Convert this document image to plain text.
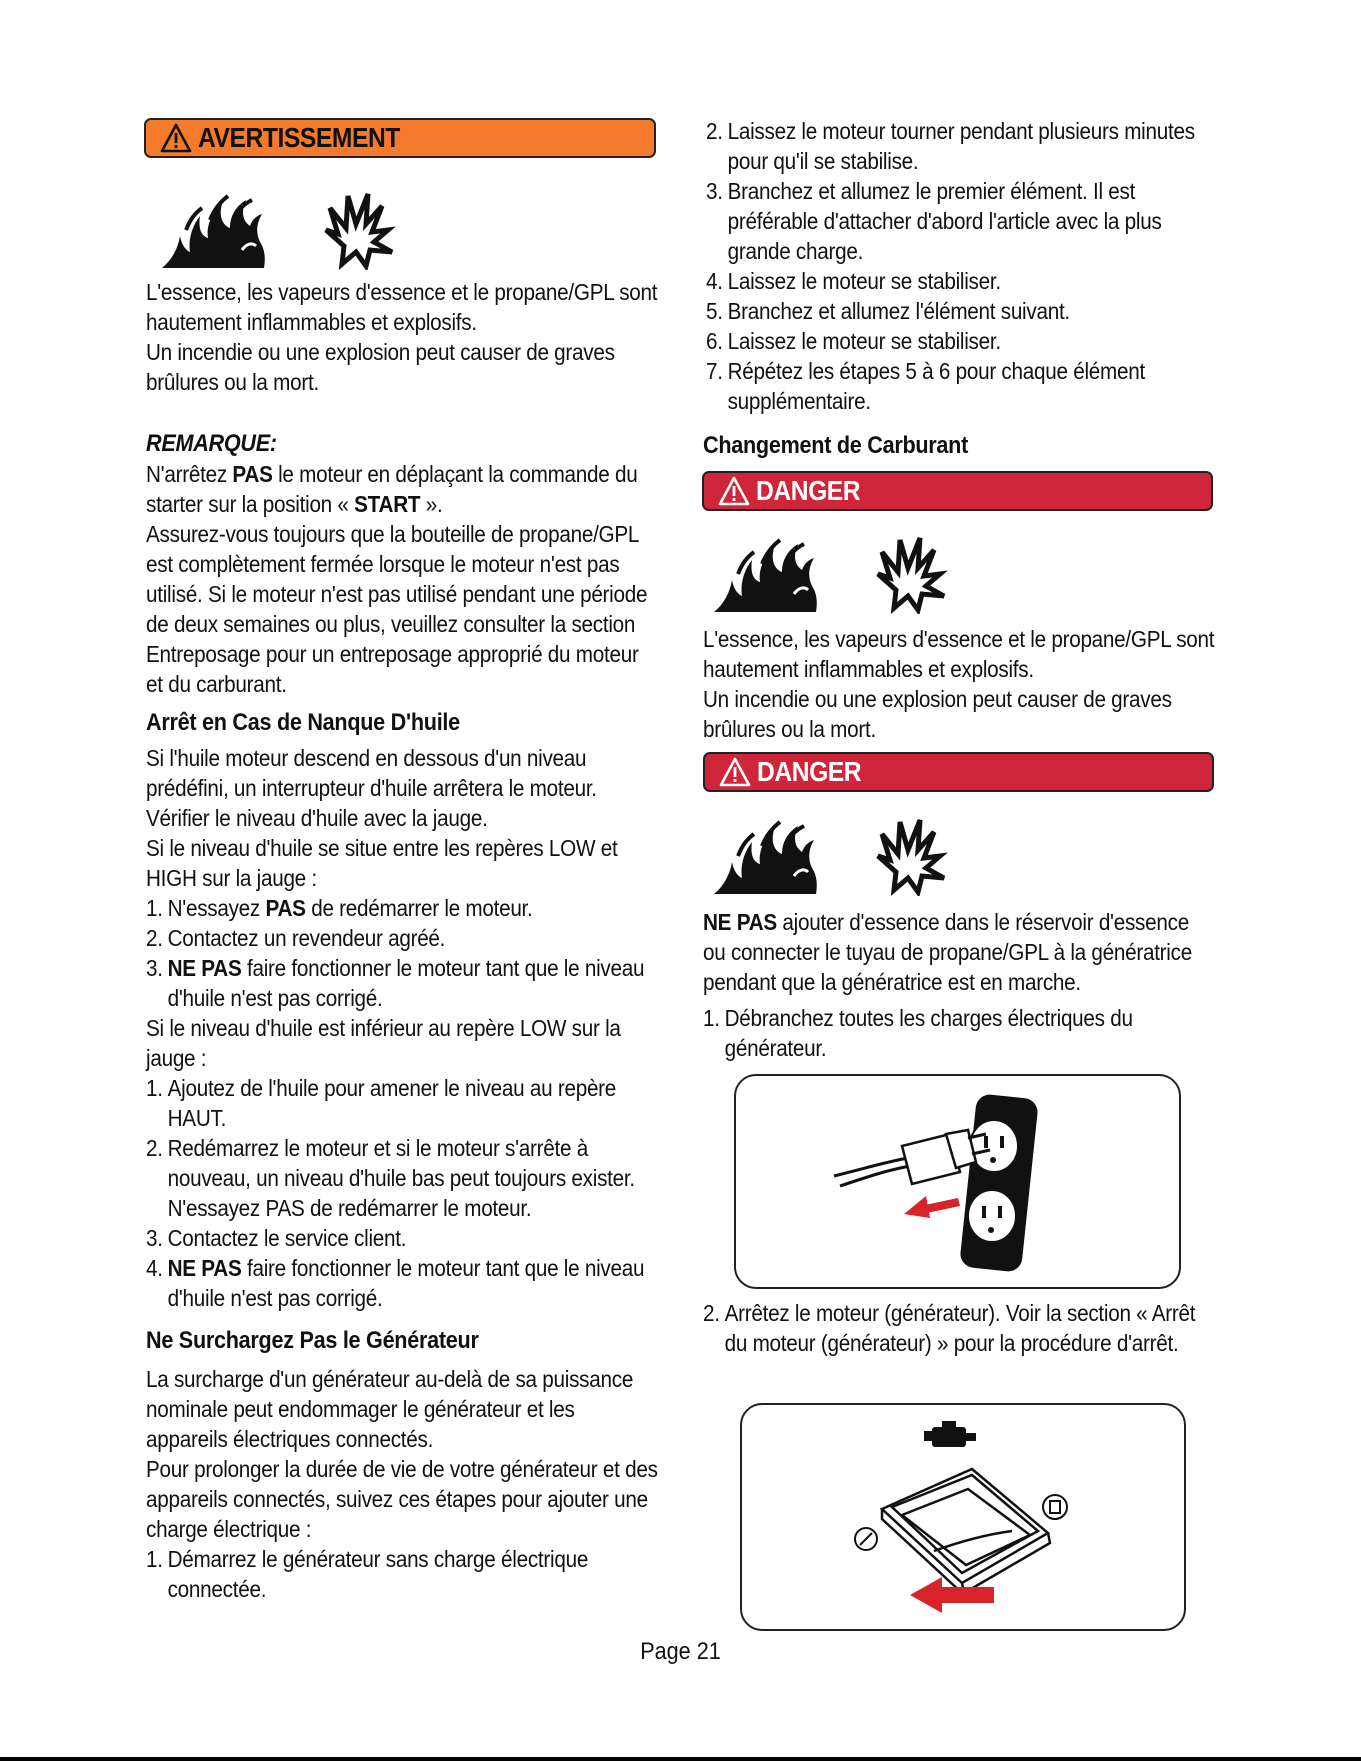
AVERTISSEMENT

L'essence, les vapeurs d'essence et le propane/GPL sont hautement inflammables et explosifs.

Un incendie ou une explosion peut causer de graves brûlures ou la mort.

REMARQUE:

N'arrêtez PAS le moteur en déplaçant la commande du starter sur la position « START ».

Assurez-vous toujours que la bouteille de propane/GPL est complètement fermée lorsque le moteur n'est pas utilisé. Si le moteur n'est pas utilisé pendant une période de deux semaines ou plus, veuillez consulter la section Entreposage pour un entreposage approprié du moteur et du carburant.

Arrêt en Cas de Nanque D'huile

Si l'huile moteur descend en dessous d'un niveau prédéfini, un interrupteur d'huile arrêtera le moteur.

Vérifier le niveau d'huile avec la jauge.

Si le niveau d'huile se situe entre les repères LOW et HIGH sur la jauge :

1. N'essayez PAS de redémarrer le moteur.
2. Contactez un revendeur agréé.
3. NE PAS faire fonctionner le moteur tant que le niveau d'huile n'est pas corrigé.

Si le niveau d'huile est inférieur au repère LOW sur la jauge :

1. Ajoutez de l'huile pour amener le niveau au repère HAUT.
2. Redémarrez le moteur et si le moteur s'arrête à nouveau, un niveau d'huile bas peut toujours exister. N'essayez PAS de redémarrer le moteur.
3. Contactez le service client.
4. NE PAS faire fonctionner le moteur tant que le niveau d'huile n'est pas corrigé.
Ne Surchargez Pas le Générateur

La surcharge d'un générateur au-delà de sa puissance nominale peut endommager le générateur et les appareils électriques connectés.

Pour prolonger la durée de vie de votre générateur et des appareils connectés, suivez ces étapes pour ajouter une charge électrique :

1. Démarrez le générateur sans charge électrique connectée.
2. Laissez le moteur tourner pendant plusieurs minutes pour qu'il se stabilise.
3. Branchez et allumez le premier élément. Il est préférable d'attacher d'abord l'article avec la plus grande charge.
4. Laissez le moteur se stabiliser.
5. Branchez et allumez l'élément suivant.
6. Laissez le moteur se stabiliser.
7. Répétez les étapes 5 à 6 pour chaque élément supplémentaire.
Changement de Carburant
DANGER

L'essence, les vapeurs d'essence et le propane/GPL sont hautement inflammables et explosifs.

Un incendie ou une explosion peut causer de graves brûlures ou la mort.

DANGER

NE PAS ajouter d'essence dans le réservoir d'essence ou connecter le tuyau de propane/GPL à la génératrice pendant que la génératrice est en marche.

1. Débranchez toutes les charges électriques du générateur.
2. Arrêtez le moteur (générateur). Voir la section « Arrêt du moteur (générateur) » pour la procédure d'arrêt.
Page 21
